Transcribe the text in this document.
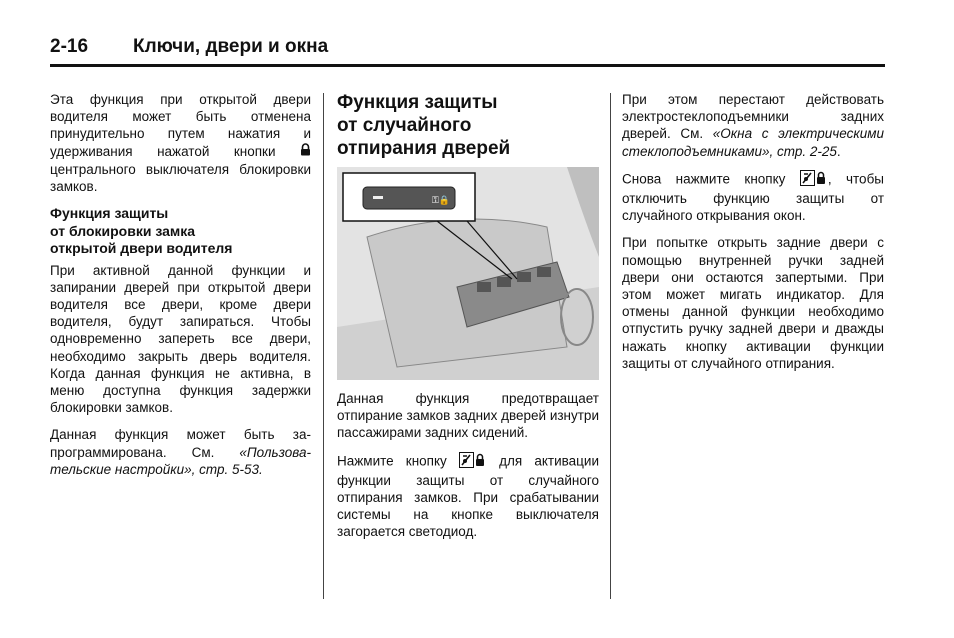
2-16 Ключи, двери и окна

Эта функция при открытой двери водителя может быть отменена принудительно путем нажатия и удерживания нажатой кнопки  центрального выключателя блокировки замков.

Функция защиты
от блокировки замка
открытой двери водителя

При активной данной функции и запирании дверей при открытой двери водителя все двери, кроме двери водителя, будут запираться. Чтобы одновременно запереть все двери, необходимо закрыть дверь водителя. Когда данная функция не активна, в меню доступна функция задержки блокировки замков.

Данная функция может быть запрограммирована. См. «Пользовательские настройки», стр. 5-53.

Функция защиты
от случайного
отпирания дверей
⚿🔒

Данная функция предотвращает отпирание замков задних дверей изнутри пассажирами задних сидений.

Нажмите кнопку	для активации функции защиты от случайного отпирания замков. При срабатывании системы на кнопке выключателя загорается светодиод.

При этом перестают действовать электростеклоподъемники задних дверей. См. «Окна с электрическими стеклоподъемниками», стр. 2-25.

Снова нажмите кнопку , чтобы отключить функцию защиты от случайного открывания окон.

При попытке открыть задние двери с помощью внутренней ручки задней двери они остаются запертыми. При этом может мигать индикатор. Для отмены данной функции необходимо отпустить ручку задней двери и дважды нажать кнопку активации функции защиты от случайного отпирания.
